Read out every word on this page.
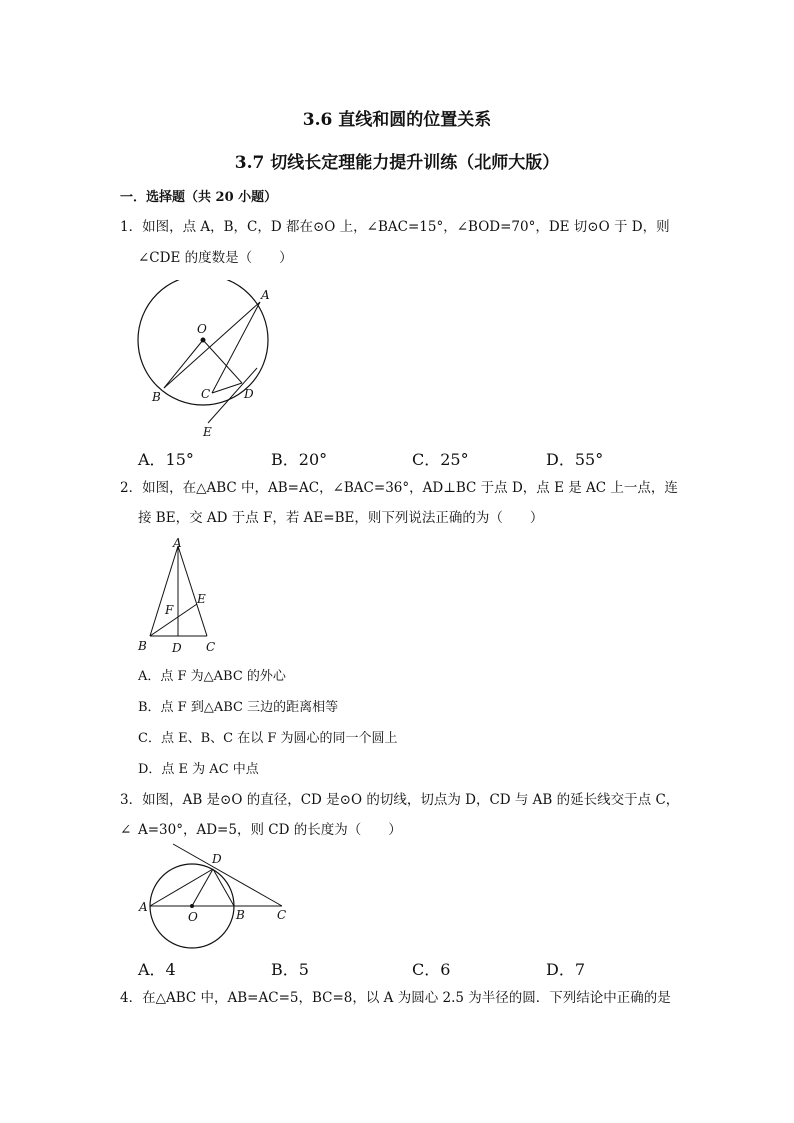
3.6 直线和圆的位置关系
3.7 切线长定理能力提升训练（北师大版）
一．选择题（共 20 小题）
1．如图，点 A，B，C，D 都在⊙O 上，∠BAC=15°，∠BOD=70°，DE 切⊙O 于 D，则
∠CDE 的度数是（　　）
A
O
B	C	D
E
A．15°	B．20°	C．25°	D．55°
2．如图，在△ABC 中，AB=AC，∠BAC=36°，AD⊥BC 于点 D，点 E 是 AC 上一点，连
接 BE，交 AD 于点 F，若 AE=BE，则下列说法正确的为（　　）
A
F
E
B D C
A．点 F 为△ABC 的外心
B．点 F 到△ABC 三边的距离相等
C．点 E、B、C 在以 F 为圆心的同一个圆上
D．点 E 为 AC 中点
3．如图，AB 是⊙O 的直径，CD 是⊙O 的切线，切点为 D，CD 与 AB 的延长线交于点 C，∠ A=30°，AD=5，则 CD 的长度为（　　）
D
A
O	B	C
A．4	B．5	C．6	D．7
4．在△ABC 中，AB=AC=5，BC=8，以 A 为圆心 2.5 为半径的圆．下列结论中正确的是
